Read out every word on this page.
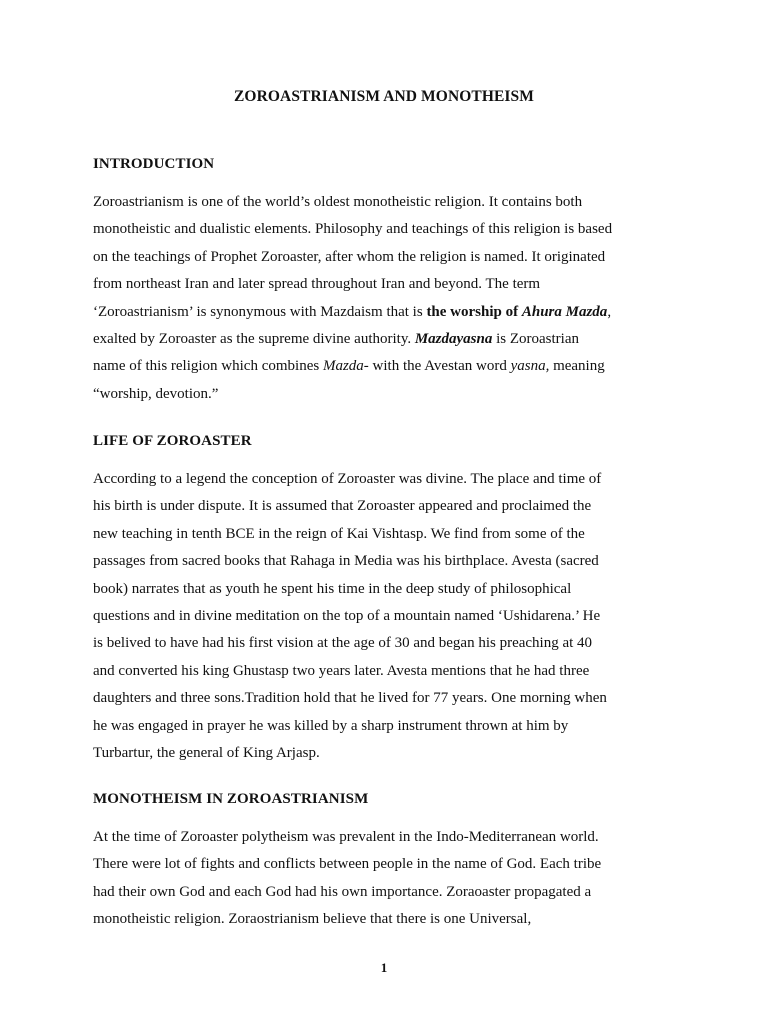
ZOROASTRIANISM AND MONOTHEISM
INTRODUCTION
Zoroastrianism is one of the world’s oldest monotheistic religion. It contains both
monotheistic and dualistic elements. Philosophy and teachings of this religion is based
on the teachings of Prophet Zoroaster, after whom the religion is named. It originated
from northeast Iran and later spread throughout Iran and beyond. The term
‘Zoroastrianism’ is synonymous with Mazdaism that is the worship of Ahura Mazda,
exalted by Zoroaster as the supreme divine authority. Mazdayasna is Zoroastrian
name of this religion which combines Mazda- with the Avestan word yasna, meaning
“worship, devotion.”
LIFE OF ZOROASTER
According to a legend the conception of Zoroaster was divine. The place and time of
his birth is under dispute. It is assumed that Zoroaster appeared and proclaimed the
new teaching in tenth BCE in the reign of Kai Vishtasp. We find from some of the
passages from sacred books that Rahaga in Media was his birthplace. Avesta (sacred
book) narrates that as youth he spent his time in the deep study of philosophical
questions and in divine meditation on the top of a mountain named ‘Ushidarena.’ He
is belived to have had his first vision at the age of 30 and began his preaching at 40
and converted his king Ghustasp two years later. Avesta mentions that he had three
daughters and three sons.Tradition hold that he lived for 77 years. One morning when
he was engaged in prayer he was killed by a sharp instrument thrown at him by
Turbartur, the general of King Arjasp.
MONOTHEISM IN ZOROASTRIANISM
At the time of Zoroaster polytheism was prevalent in the Indo-Mediterranean world.
There were lot of fights and conflicts between people in the name of God. Each tribe
had their own God and each God had his own importance. Zoraoaster propagated a
monotheistic religion. Zoraostrianism believe that there is one Universal,
1
